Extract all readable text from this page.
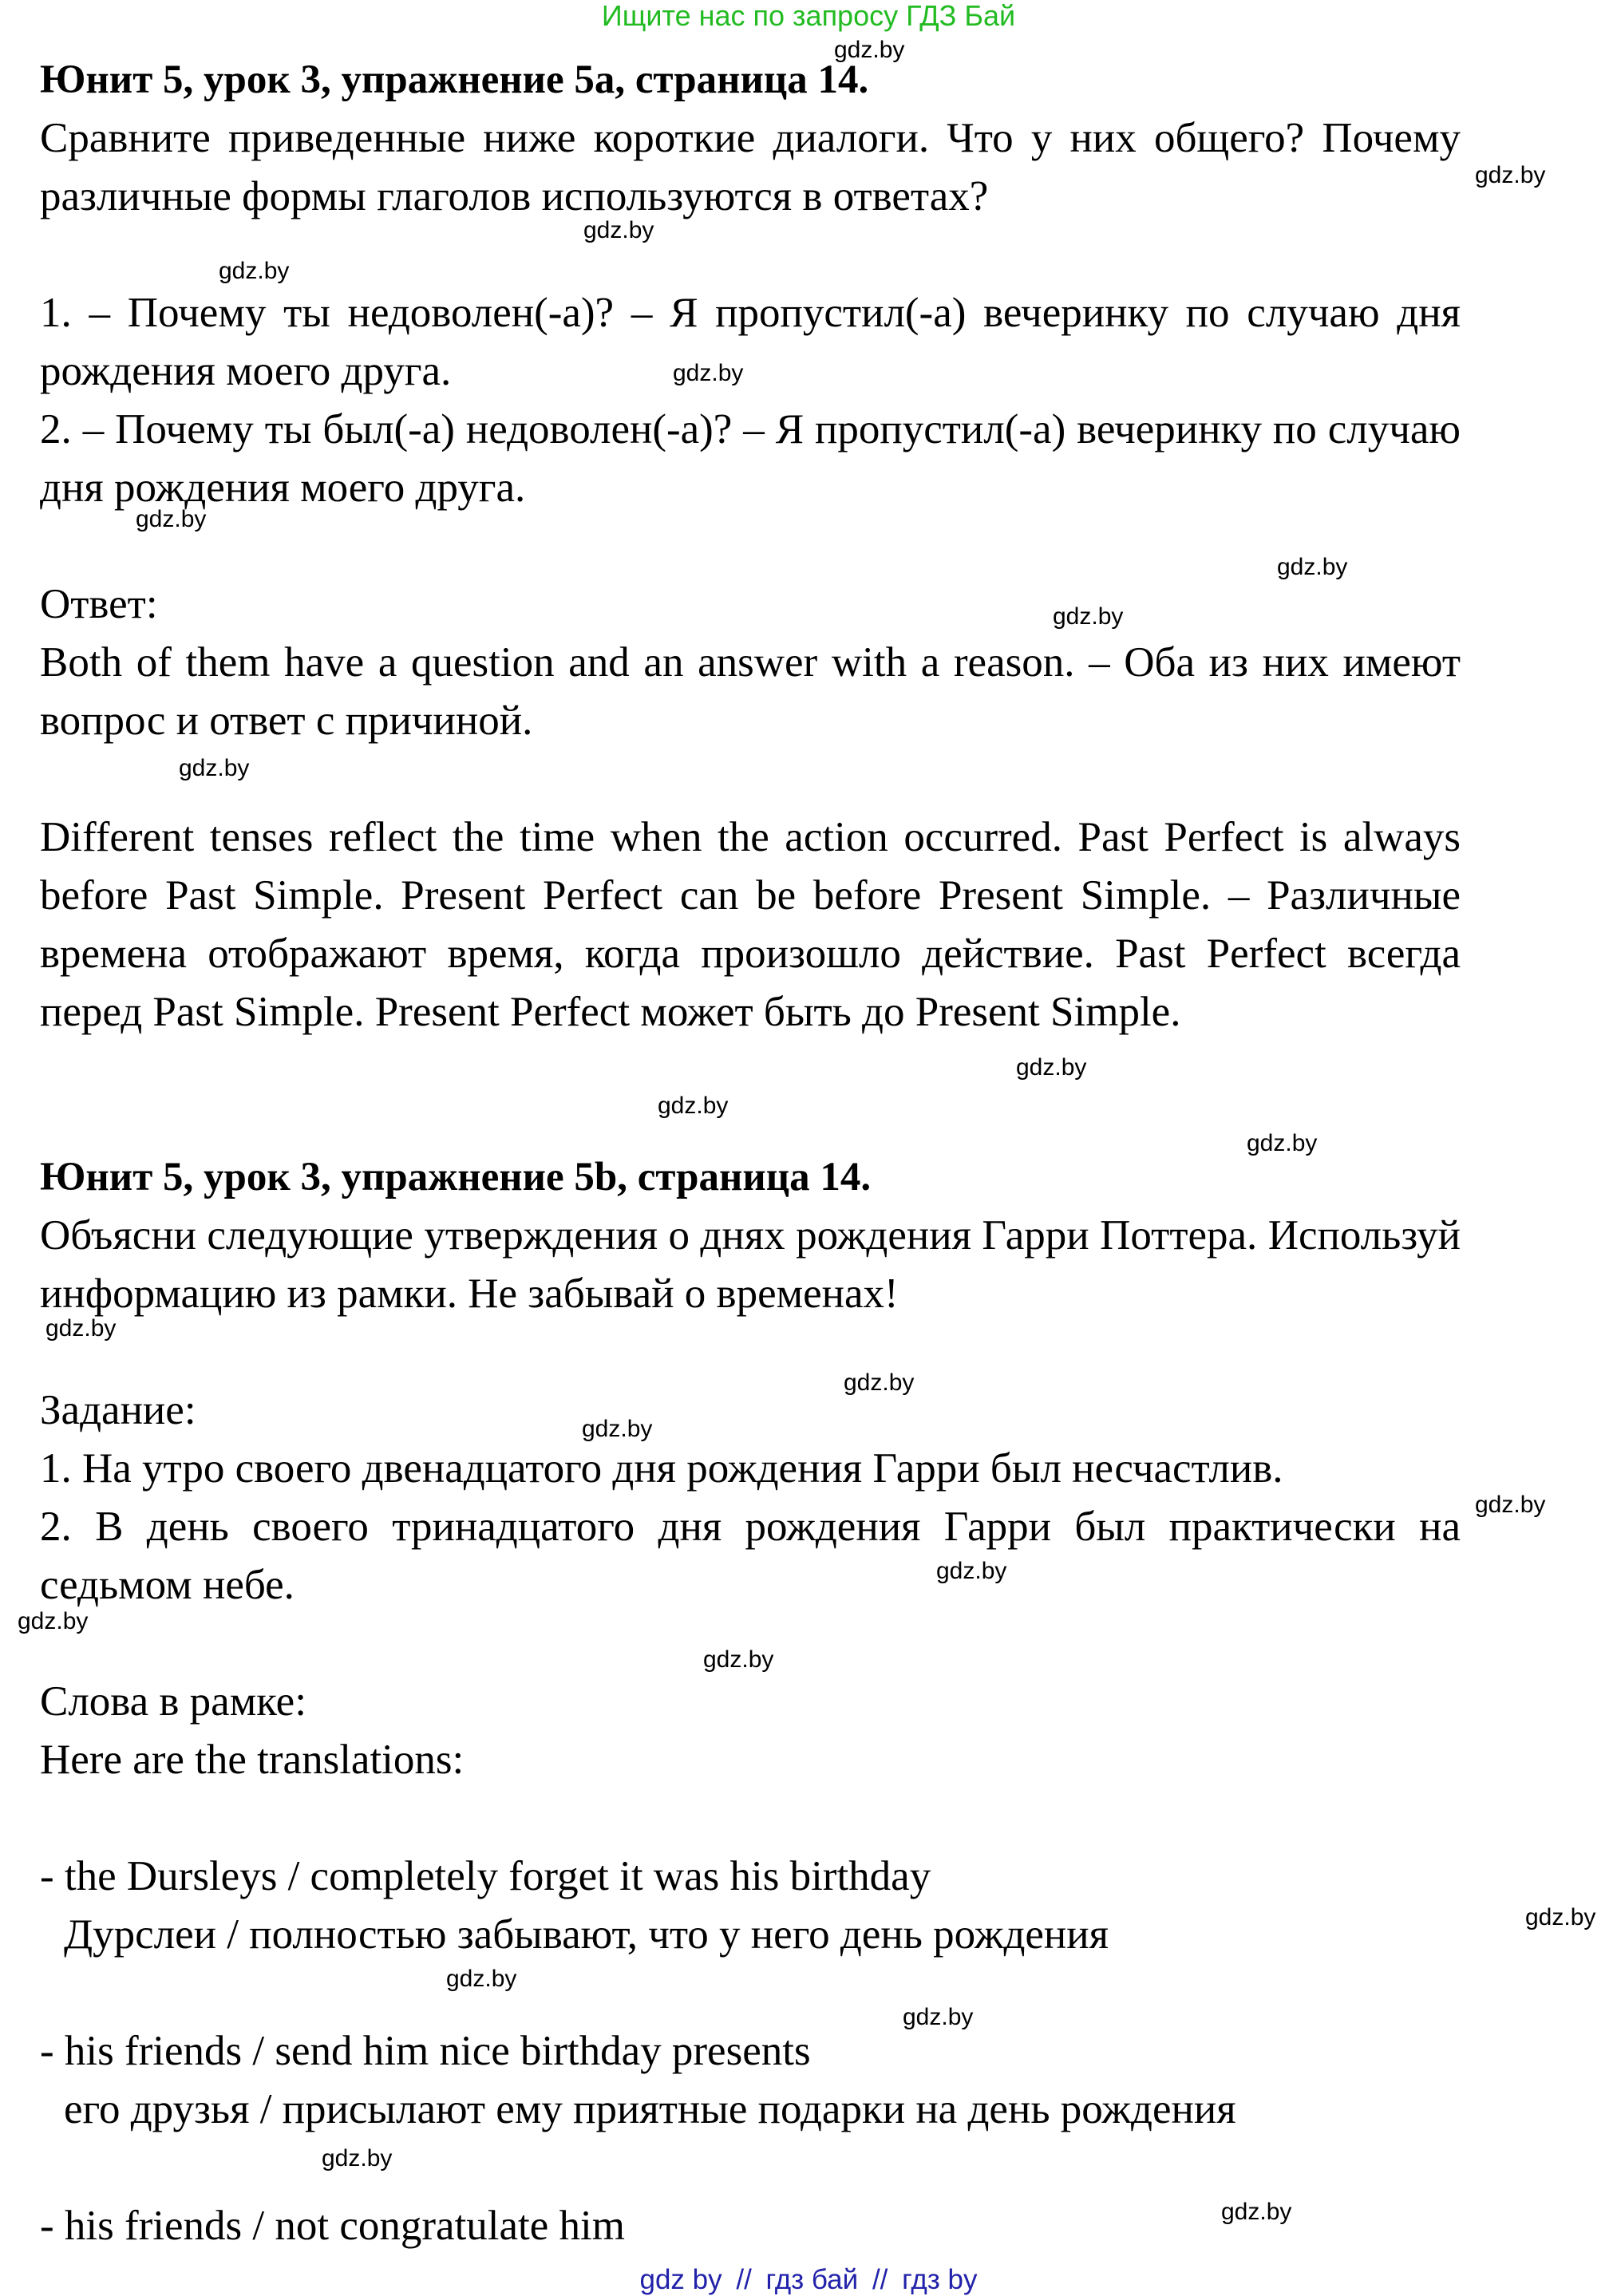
Ищите нас по запросу ГДЗ Бай

Юнит 5, урок 3, упражнение 5а, страница 14.

Сравните приведенные ниже короткие диалоги. Что у них общего? Почему различные формы глаголов используются в ответах?

1. – Почему ты недоволен(-а)? – Я пропустил(-а) вечеринку по случаю дня рождения моего друга.

2. – Почему ты был(-а) недоволен(-а)? – Я пропустил(-а) вечеринку по случаю дня рождения моего друга.

Ответ:

Both of them have a question and an answer with a reason. – Оба из них имеют вопрос и ответ с причиной.

Different tenses reflect the time when the action occurred. Past Perfect is always before Past Simple. Present Perfect can be before Present Simple. – Различные времена отображают время, когда произошло действие. Past Perfect всегда перед Past Simple. Present Perfect может быть до Present Simple.

Юнит 5, урок 3, упражнение 5b, страница 14.

Объясни следующие утверждения о днях рождения Гарри Поттера. Используй информацию из рамки. Не забывай о временах!

Задание:

1. На утро своего двенадцатого дня рождения Гарри был несчастлив.

2. В день своего тринадцатого дня рождения Гарри был практически на седьмом небе.

Слова в рамке:

Here are the translations:

- the Dursleys / completely forget it was his birthday

Дурслеи / полностью забывают, что у него день рождения

- his friends / send him nice birthday presents

его друзья / присылают ему приятные подарки на день рождения

- his friends / not congratulate him

gdz.by
gdz.by
gdz.by
gdz.by
gdz.by
gdz.by
gdz.by
gdz.by
gdz.by
gdz.by
gdz.by
gdz.by
gdz.by
gdz.by
gdz.by
gdz.by
gdz.by
gdz.by
gdz.by
gdz.by
gdz.by
gdz.by
gdz.by
gdz.by
gdz by // гдз бай // гдз by
